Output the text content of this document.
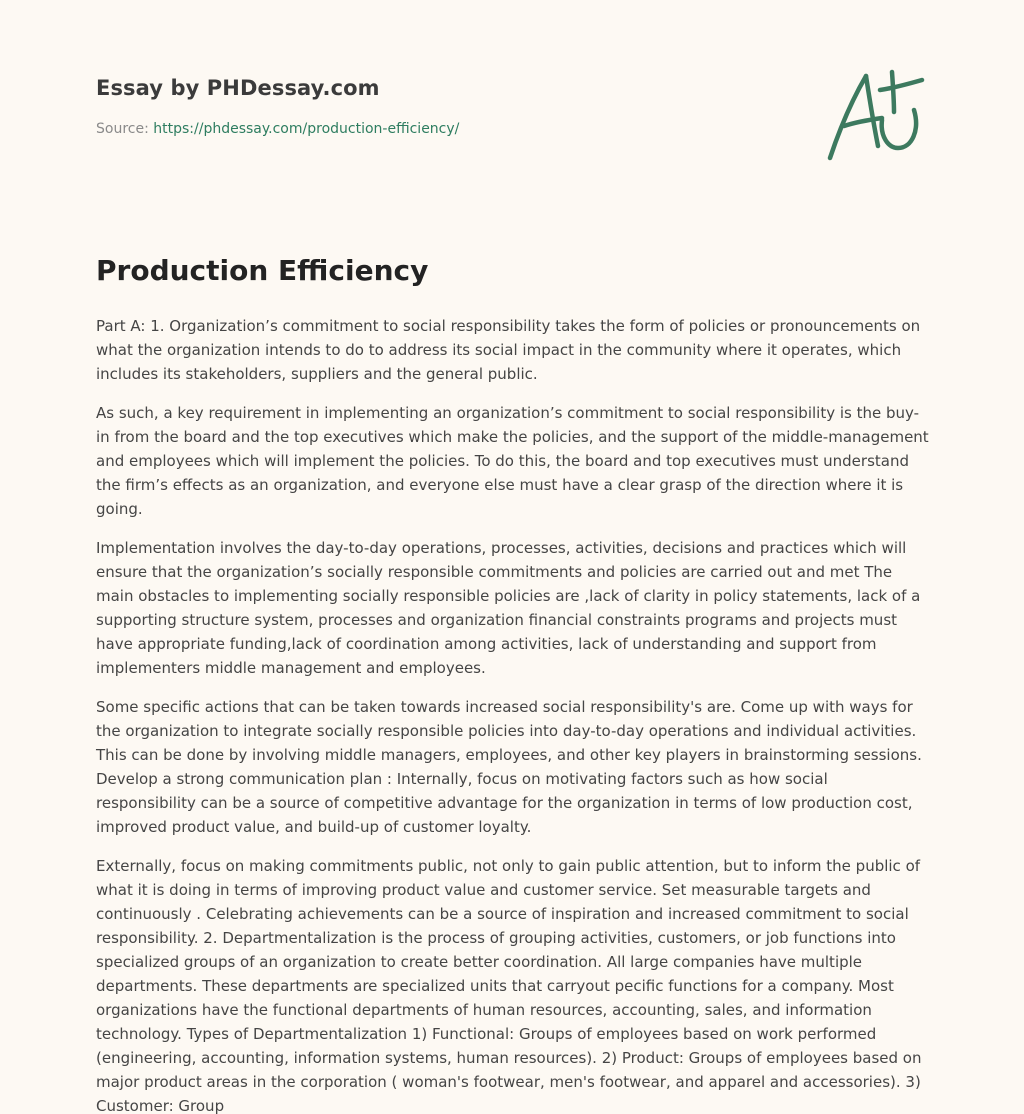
Essay by PHDessay.com
Source: https://phdessay.com/production-efficiency/
Production Efficiency

Part A: 1. Organization’s commitment to social responsibility takes the form of policies or pronouncements on what the organization intends to do to address its social impact in the community where it operates, which includes its stakeholders, suppliers and the general public.

As such, a key requirement in implementing an organization’s commitment to social responsibility is the buy-in from the board and the top executives which make the policies, and the support of the middle-management and employees which will implement the policies. To do this, the board and top executives must understand the firm’s effects as an organization, and everyone else must have a clear grasp of the direction where it is going.

Implementation involves the day-to-day operations, processes, activities, decisions and practices which will ensure that the organization’s socially responsible commitments and policies are carried out and met The main obstacles to implementing socially responsible policies are ,lack of clarity in policy statements, lack of a supporting structure system, processes and organization financial constraints programs and projects must have appropriate funding,lack of coordination among activities, lack of understanding and support from implementers middle management and employees.

Some specific actions that can be taken towards increased social responsibility's are. Come up with ways for the organization to integrate socially responsible policies into day-to-day operations and individual activities. This can be done by involving middle managers, employees, and other key players in brainstorming sessions. Develop a strong communication plan : Internally, focus on motivating factors such as how social responsibility can be a source of competitive advantage for the organization in terms of low production cost, improved product value, and build-up of customer loyalty.

Externally, focus on making commitments public, not only to gain public attention, but to inform the public of what it is doing in terms of improving product value and customer service. Set measurable targets and continuously . Celebrating achievements can be a source of inspiration and increased commitment to social responsibility. 2. Departmentalization is the process of grouping activities, customers, or job functions into specialized groups of an organization to create better coordination. All large companies have multiple departments. These departments are specialized units that carryout pecific functions for a company. Most organizations have the functional departments of human resources, accounting, sales, and information technology. Types of Departmentalization 1) Functional: Groups of employees based on work performed (engineering, accounting, information systems, human resources). 2) Product: Groups of employees based on major product areas in the corporation ( woman's footwear, men's footwear, and apparel and accessories). 3) Customer: Group
